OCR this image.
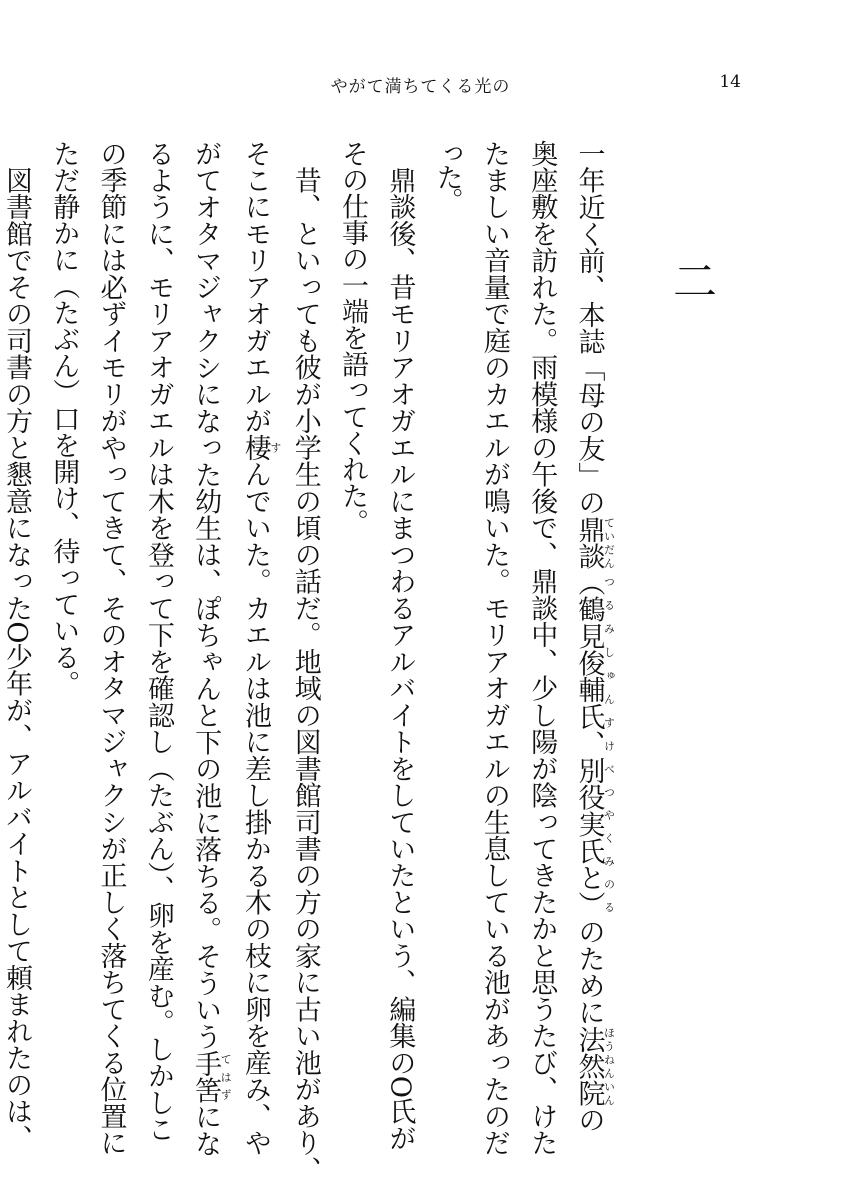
やがて満ちてくる光の	14
二
一年近く前、本誌「母の友」の鼎談ていだん（鶴見俊輔氏、つるみしゅんすけ別役実氏と）べつやくみのるのために法然院ほうねんいんの
奥座敷を訪れた。雨模様の午後で、鼎談中、少し陽が陰ってきたかと思うたび、けた
たましい音量で庭のカエルが鳴いた。モリアオガエルの生息している池があったのだ
った。
　鼎談後、昔モリアオガエルにまつわるアルバイトをしていたという、編集のO氏が
その仕事の一端を語ってくれた。
　昔、といっても彼が小学生の頃の話だ。地域の図書館司書の方の家に古い池があり、
そこにモリアオガエルが棲すんでいた。カエルは池に差し掛かる木の枝に卵を産み、や
がてオタマジャクシになった幼生は、ぽちゃんと下の池に落ちる。そういう手筈てはずにな
るように、モリアオガエルは木を登って下を確認し（たぶん）、卵を産む。しかしこ
の季節には必ずイモリがやってきて、そのオタマジャクシが正しく落ちてくる位置に
ただ静かに（たぶん）口を開け、待っている。
　図書館でその司書の方と懇意になったO少年が、アルバイトとして頼まれたのは、
